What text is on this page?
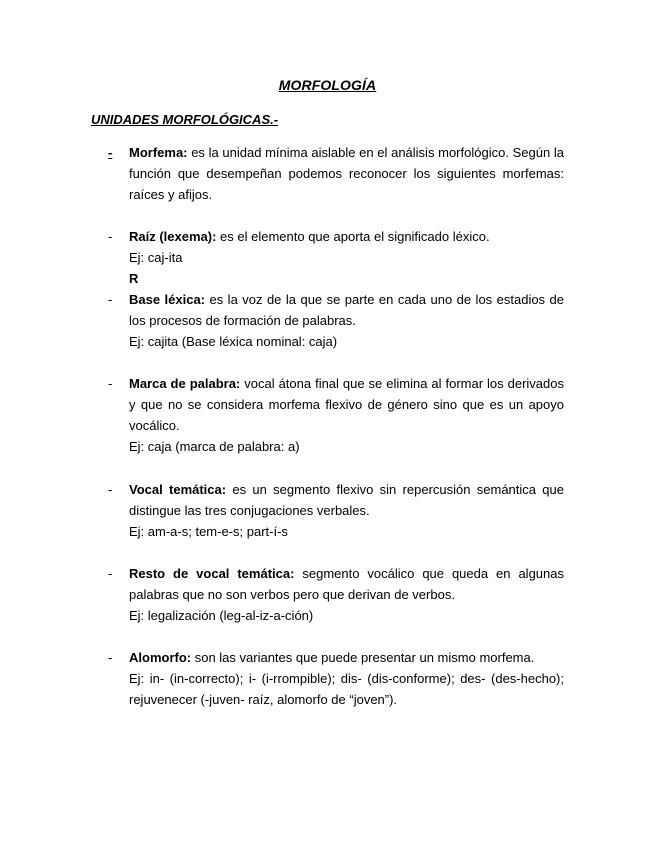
MORFOLOGÍA
UNIDADES MORFOLÓGICAS.-
-	Morfema: es la unidad mínima aislable en el análisis morfológico. Según la función que desempeñan podemos reconocer los siguientes morfemas: raíces y afijos.
-	Raíz (lexema): es el elemento que aporta el significado léxico.
Ej: caj-ita
R
-	Base léxica: es la voz de la que se parte en cada uno de los estadios de los procesos de formación de palabras.
Ej: cajita (Base léxica nominal: caja)
-	Marca de palabra: vocal átona final que se elimina al formar los derivados y que no se considera morfema flexivo de género sino que es un apoyo vocálico.
Ej: caja (marca de palabra: a)
-	Vocal temática: es un segmento flexivo sin repercusión semántica que distingue las tres conjugaciones verbales.
Ej: am-a-s; tem-e-s; part-í-s
-	Resto de vocal temática: segmento vocálico que queda en algunas palabras que no son verbos pero que derivan de verbos.
Ej: legalización (leg-al-iz-a-ción)
-	Alomorfo: son las variantes que puede presentar un mismo morfema.
Ej: in- (in-correcto); i- (i-rrompible); dis- (dis-conforme); des- (des-hecho); rejuvenecer (-juven- raíz, alomorfo de “joven”).
